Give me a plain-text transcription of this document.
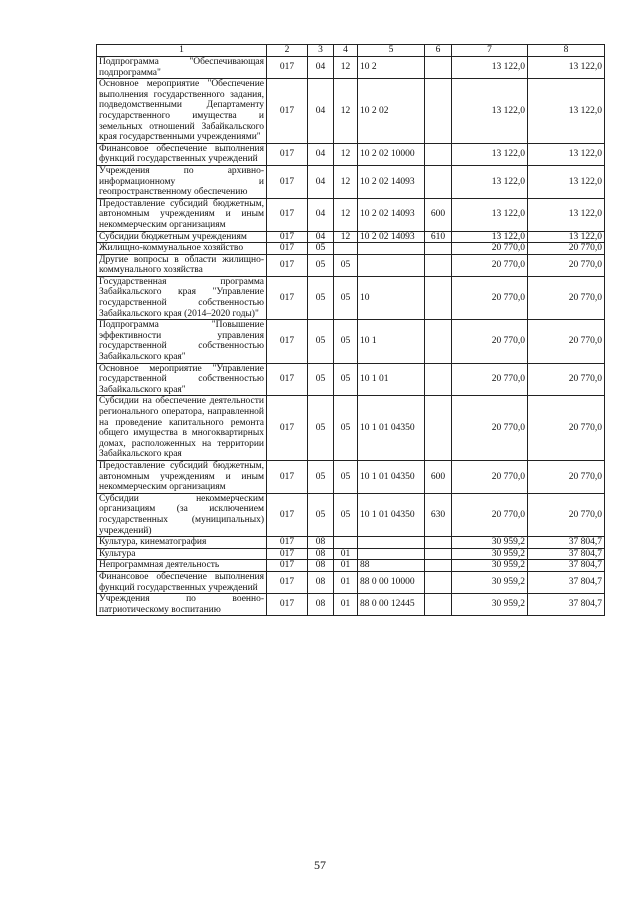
1	2	3	4	5	6	7	8
Подпрограмма "Обеспечивающая подпрограмма"	017	04	12	10 2		13 122,0	13 122,0
Основное мероприятие "Обеспечение выполнения государственного задания, подведомственными Департаменту государственного имущества и земельных отношений Забайкальского края государственными учреждениями"	017	04	12	10 2 02		13 122,0	13 122,0
Финансовое обеспечение выполнения функций государственных учреждений	017	04	12	10 2 02 10000		13 122,0	13 122,0
Учреждения по архивно-информационному и геопространственному обеспечению	017	04	12	10 2 02 14093		13 122,0	13 122,0
Предоставление субсидий бюджетным, автономным учреждениям и иным некоммерческим организациям	017	04	12	10 2 02 14093	600	13 122,0	13 122,0
Субсидии бюджетным учреждениям	017	04	12	10 2 02 14093	610	13 122,0	13 122,0
Жилищно-коммунальное хозяйство	017	05				20 770,0	20 770,0
Другие вопросы в области жилищно-коммунального хозяйства	017	05	05			20 770,0	20 770,0
Государственная программа Забайкальского края "Управление государственной собственностью Забайкальского края (2014–2020 годы)"	017	05	05	10		20 770,0	20 770,0
Подпрограмма "Повышение эффективности управления государственной собственностью Забайкальского края"	017	05	05	10 1		20 770,0	20 770,0
Основное мероприятие "Управление государственной собственностью Забайкальского края"	017	05	05	10 1 01		20 770,0	20 770,0
Субсидии на обеспечение деятельности регионального оператора, направленной на проведение капитального ремонта общего имущества в многоквартирных домах, расположенных на территории Забайкальского края	017	05	05	10 1 01 04350		20 770,0	20 770,0
Предоставление субсидий бюджетным, автономным учреждениям и иным некоммерческим организациям	017	05	05	10 1 01 04350	600	20 770,0	20 770,0
Субсидии некоммерческим организациям (за исключением государственных (муниципальных) учреждений)	017	05	05	10 1 01 04350	630	20 770,0	20 770,0
Культура, кинематография	017	08				30 959,2	37 804,7
Культура	017	08	01			30 959,2	37 804,7
Непрограммная деятельность	017	08	01	88		30 959,2	37 804,7
Финансовое обеспечение выполнения функций государственных учреждений	017	08	01	88 0 00 10000		30 959,2	37 804,7
Учреждения по военно-патриотическому воспитанию	017	08	01	88 0 00 12445		30 959,2	37 804,7
57
